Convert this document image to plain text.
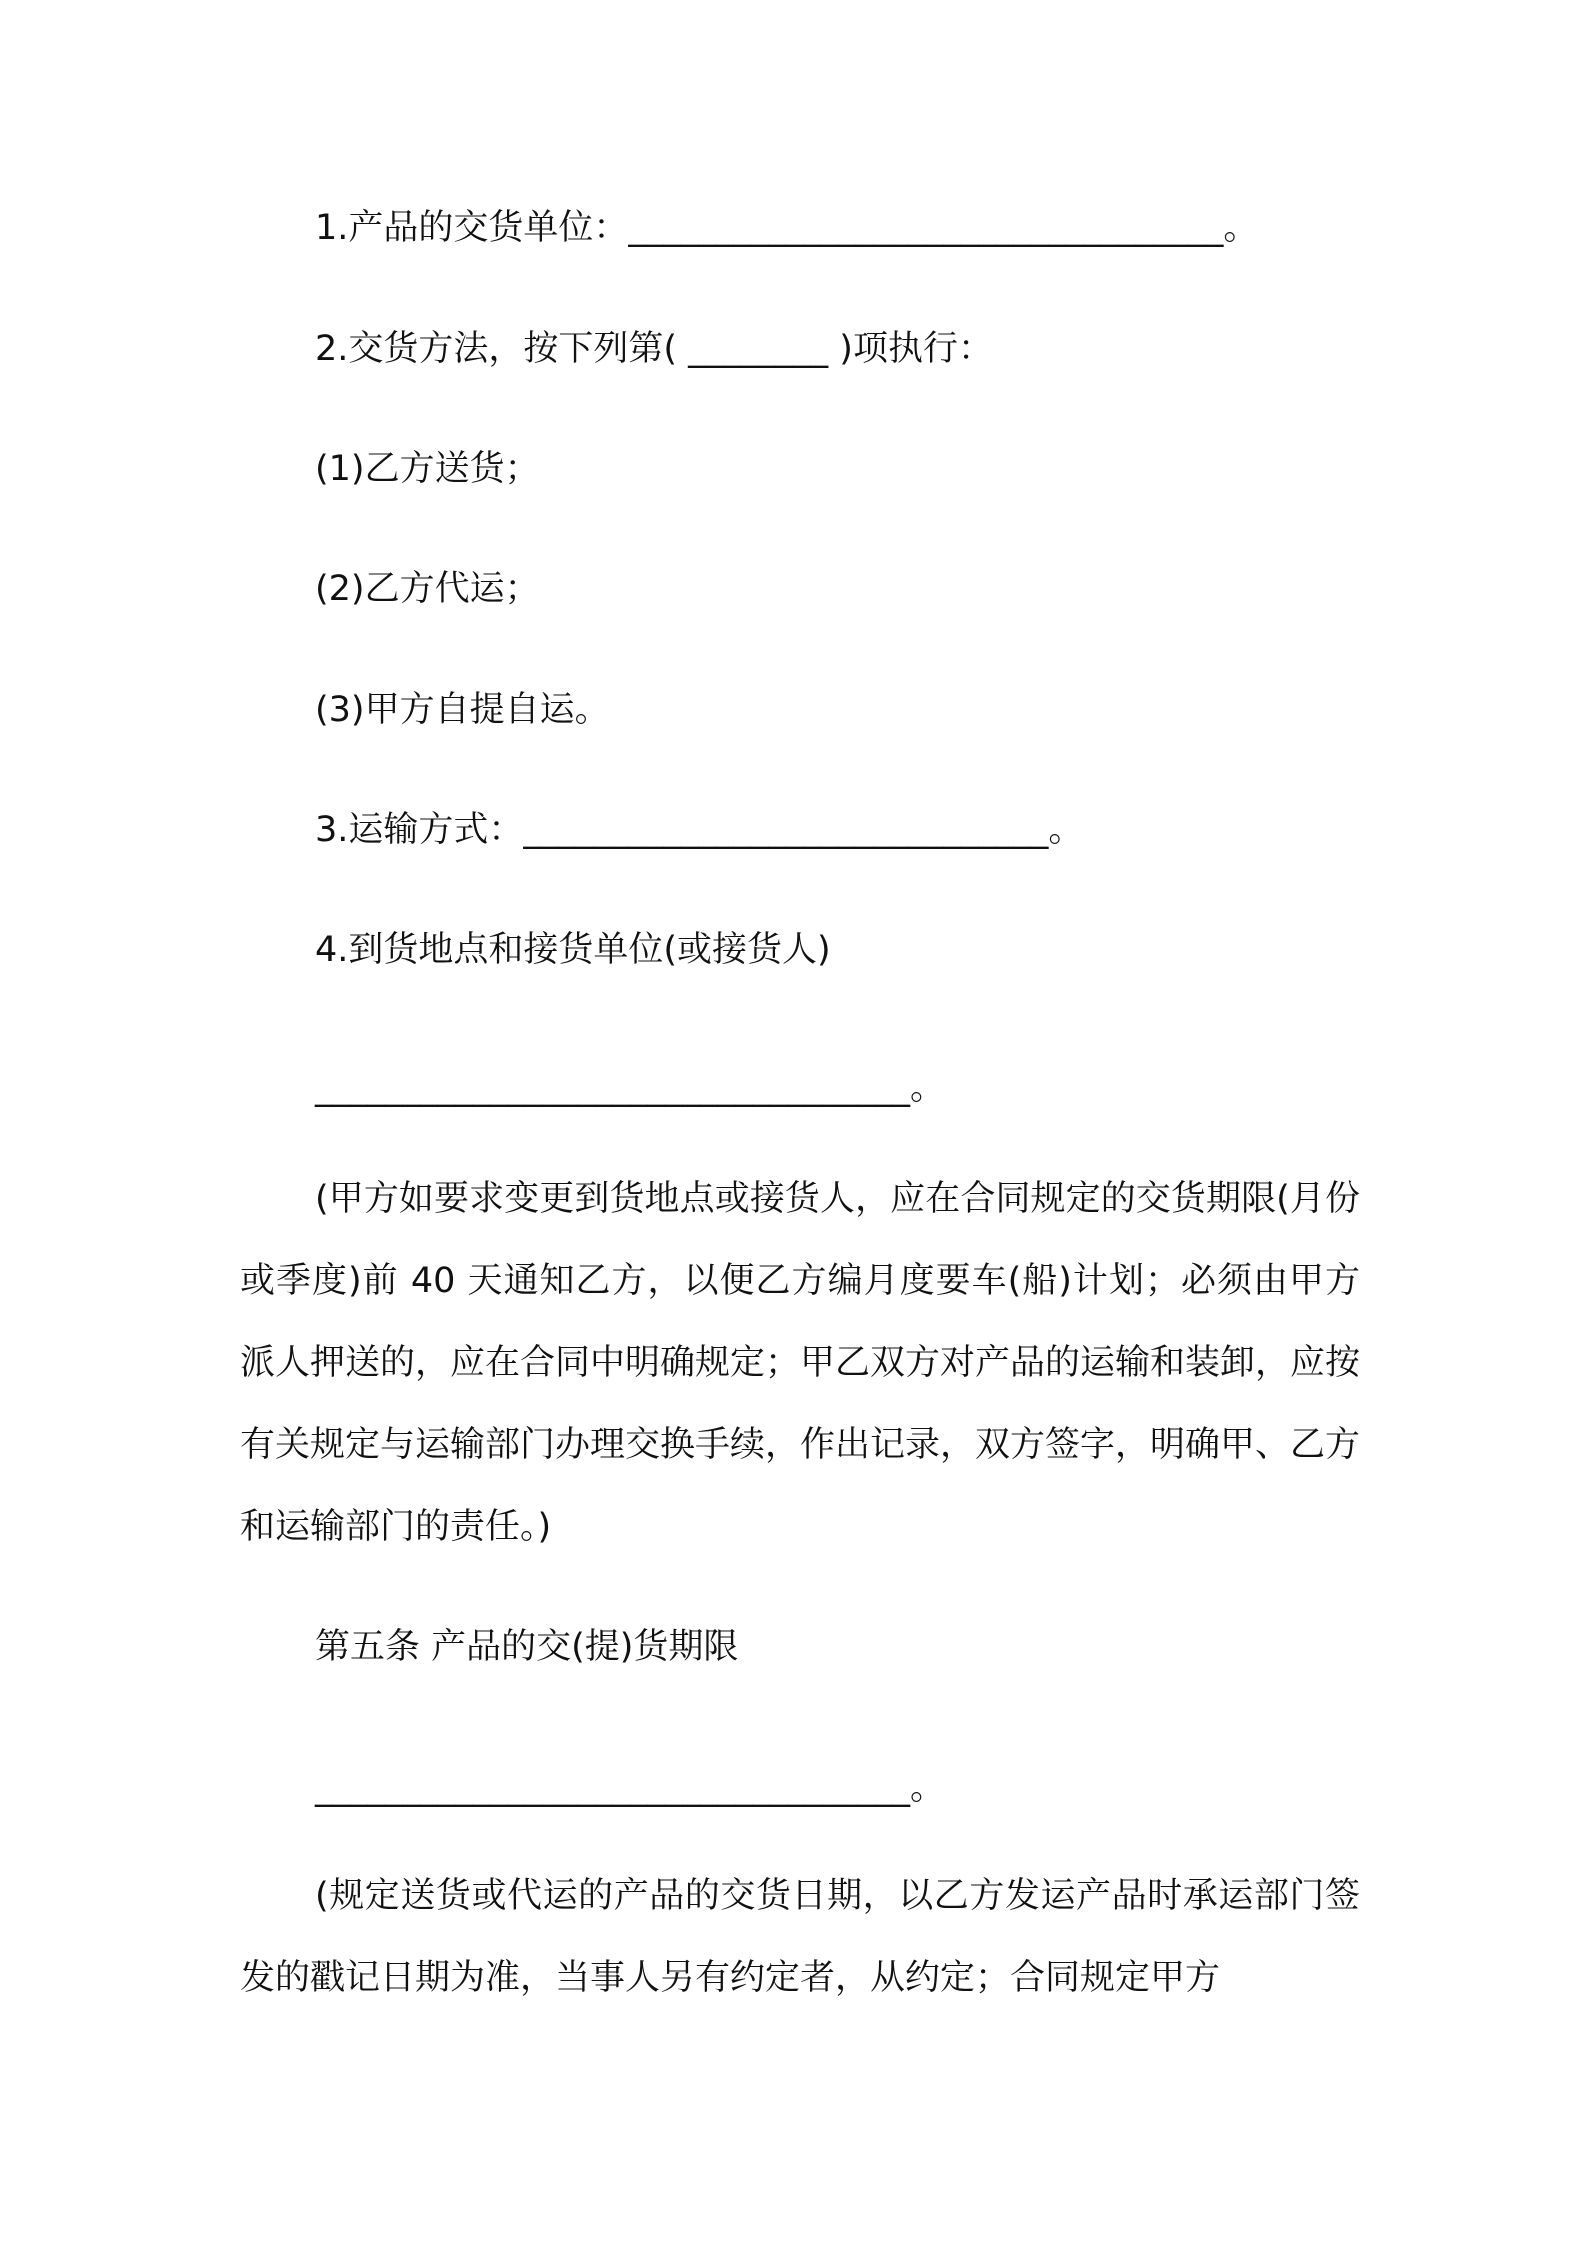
1.产品的交货单位：__________________________________。
2.交货方法，按下列第( ________ )项执行：
(1)乙方送货；
(2)乙方代运；
(3)甲方自提自运。
3.运输方式：______________________________。
4.到货地点和接货单位(或接货人)
__________________________________。
(甲方如要求变更到货地点或接货人，应在合同规定的交货期限(月份或季度)前 40 天通知乙方，以便乙方编月度要车(船)计划；必须由甲方派人押送的，应在合同中明确规定；甲乙双方对产品的运输和装卸，应按有关规定与运输部门办理交换手续，作出记录，双方签字，明确甲、乙方和运输部门的责任。)
第五条 产品的交(提)货期限
__________________________________。
(规定送货或代运的产品的交货日期，以乙方发运产品时承运部门签发的戳记日期为准，当事人另有约定者，从约定；合同规定甲方
